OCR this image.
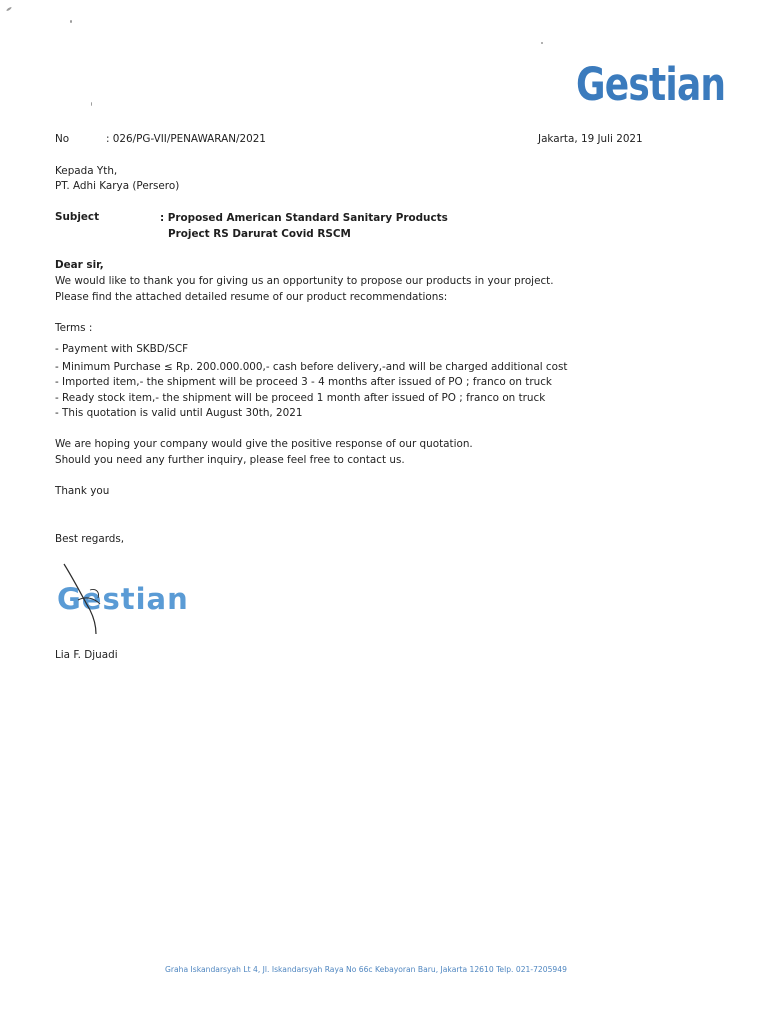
Gestian
No	: 026/PG-VII/PENAWARAN/2021	Jakarta, 19 Juli 2021
Kepada Yth,
PT. Adhi Karya (Persero)
Subject	: Proposed American Standard Sanitary Products
Project RS Darurat Covid RSCM
Dear sir,
We would like to thank you for giving us an opportunity to propose our products in your project.
Please find the attached detailed resume of our product recommendations:
Terms :
- Payment with SKBD/SCF
- Minimum Purchase ≤ Rp. 200.000.000,- cash before delivery,-and will be charged additional cost
- Imported item,- the shipment will be proceed 3 - 4 months after issued of PO ; franco on truck
- Ready stock item,- the shipment will be proceed 1 month after issued of PO ; franco on truck
- This quotation is valid until August 30th, 2021
We are hoping your company would give the positive response of our quotation.
Should you need any further inquiry, please feel free to contact us.
Thank you
Best regards,
Gestian
Lia F. Djuadi
Graha Iskandarsyah Lt 4, Jl. Iskandarsyah Raya No 66c Kebayoran Baru, Jakarta 12610 Telp. 021-7205949
